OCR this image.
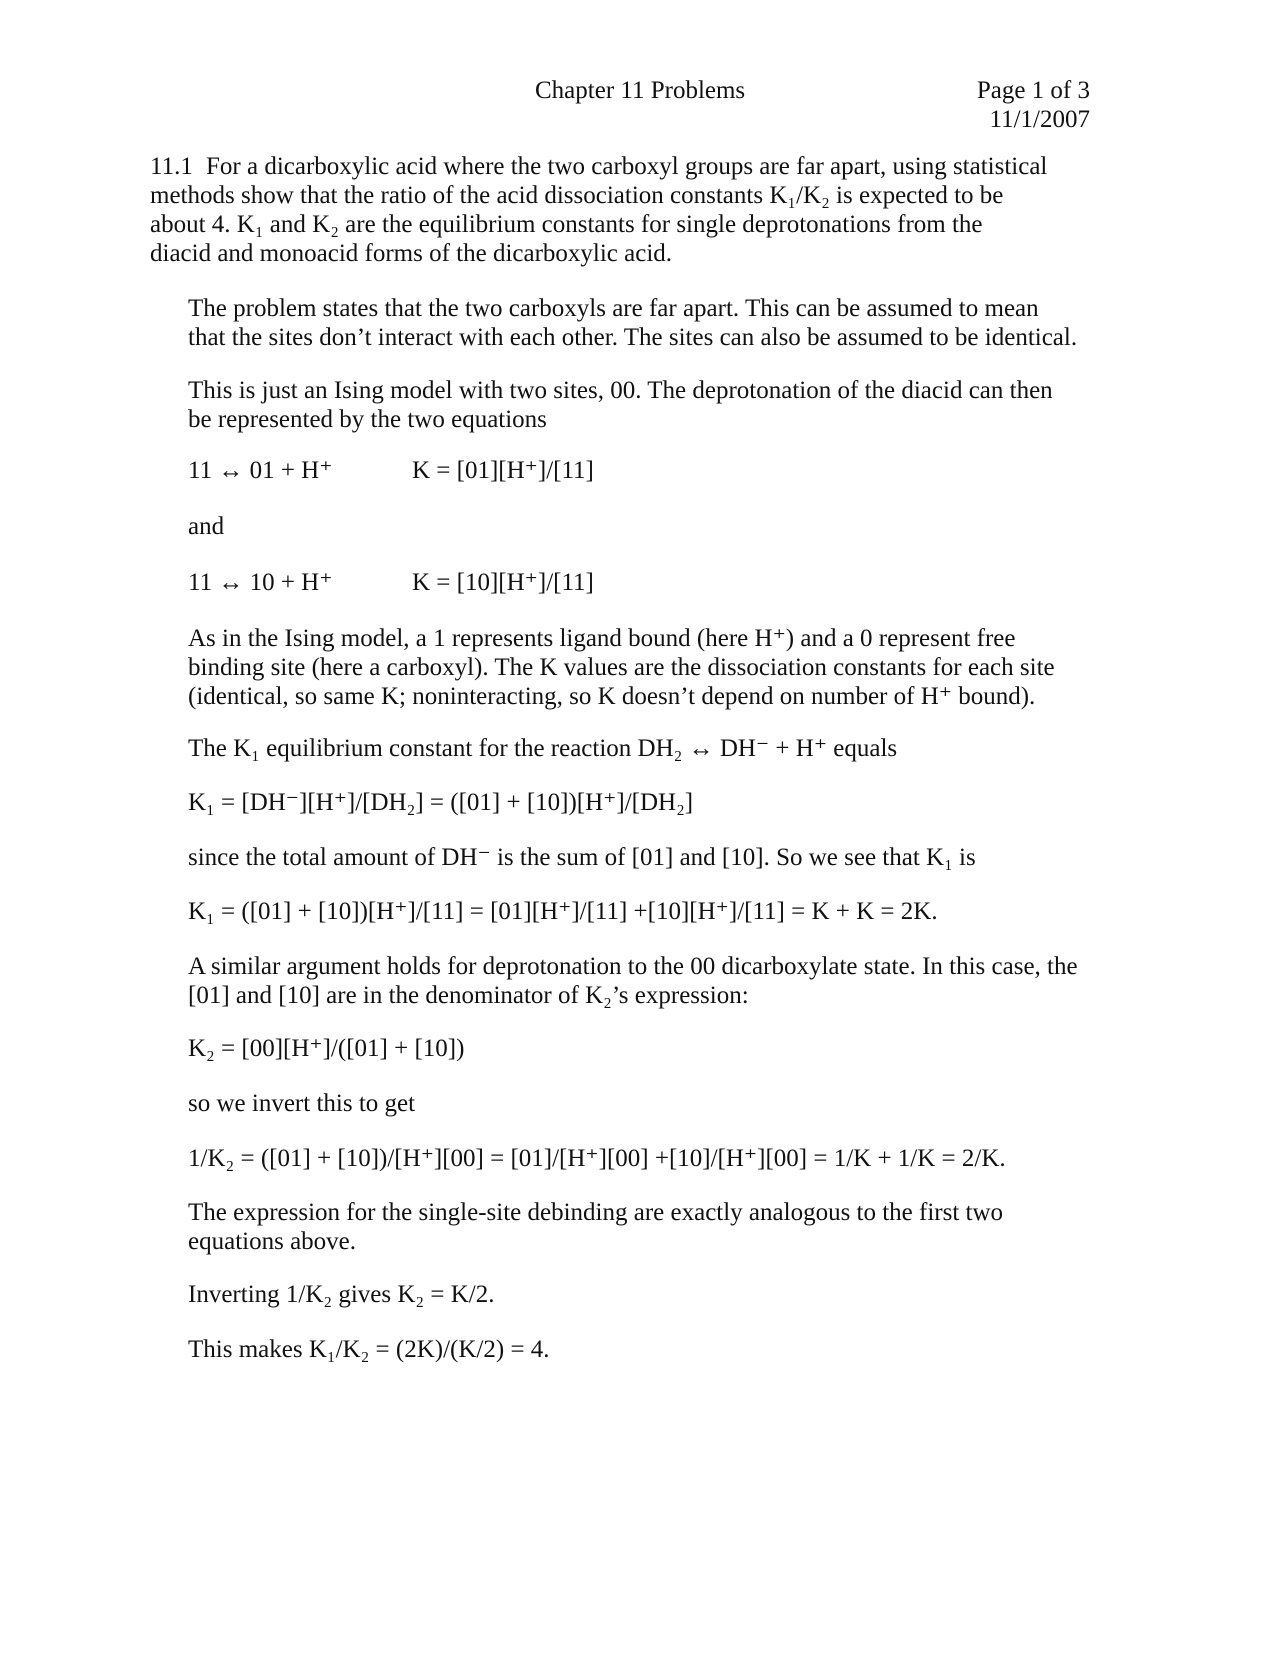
Chapter 11 Problems	Page 1 of 3
11/1/2007
11.1 For a dicarboxylic acid where the two carboxyl groups are far apart, using statistical
methods show that the ratio of the acid dissociation constants K₁/K₂ is expected to be
about 4. K₁ and K₂ are the equilibrium constants for single deprotonations from the
diacid and monoacid forms of the dicarboxylic acid.
The problem states that the two carboxyls are far apart. This can be assumed to mean
that the sites don’t interact with each other. The sites can also be assumed to be identical.
This is just an Ising model with two sites, 00. The deprotonation of the diacid can then
be represented by the two equations
11 ↔ 01 + H⁺	K = [01][H⁺]/[11]
and
11 ↔ 10 + H⁺	K = [10][H⁺]/[11]
As in the Ising model, a 1 represents ligand bound (here H⁺) and a 0 represent free
binding site (here a carboxyl). The K values are the dissociation constants for each site
(identical, so same K; noninteracting, so K doesn’t depend on number of H⁺ bound).
The K₁ equilibrium constant for the reaction DH₂ ↔ DH⁻ + H⁺ equals
K₁ = [DH⁻][H⁺]/[DH₂] = ([01] + [10])[H⁺]/[DH₂]
since the total amount of DH⁻ is the sum of [01] and [10]. So we see that K₁ is
K₁ = ([01] + [10])[H⁺]/[11] = [01][H⁺]/[11] +[10][H⁺]/[11] = K + K = 2K.
A similar argument holds for deprotonation to the 00 dicarboxylate state. In this case, the
[01] and [10] are in the denominator of K₂’s expression:
K₂ = [00][H⁺]/([01] + [10])
so we invert this to get
1/K₂ = ([01] + [10])/[H⁺][00] = [01]/[H⁺][00] +[10]/[H⁺][00] = 1/K + 1/K = 2/K.
The expression for the single-site debinding are exactly analogous to the first two
equations above.
Inverting 1/K₂ gives K₂ = K/2.
This makes K₁/K₂ = (2K)/(K/2) = 4.
